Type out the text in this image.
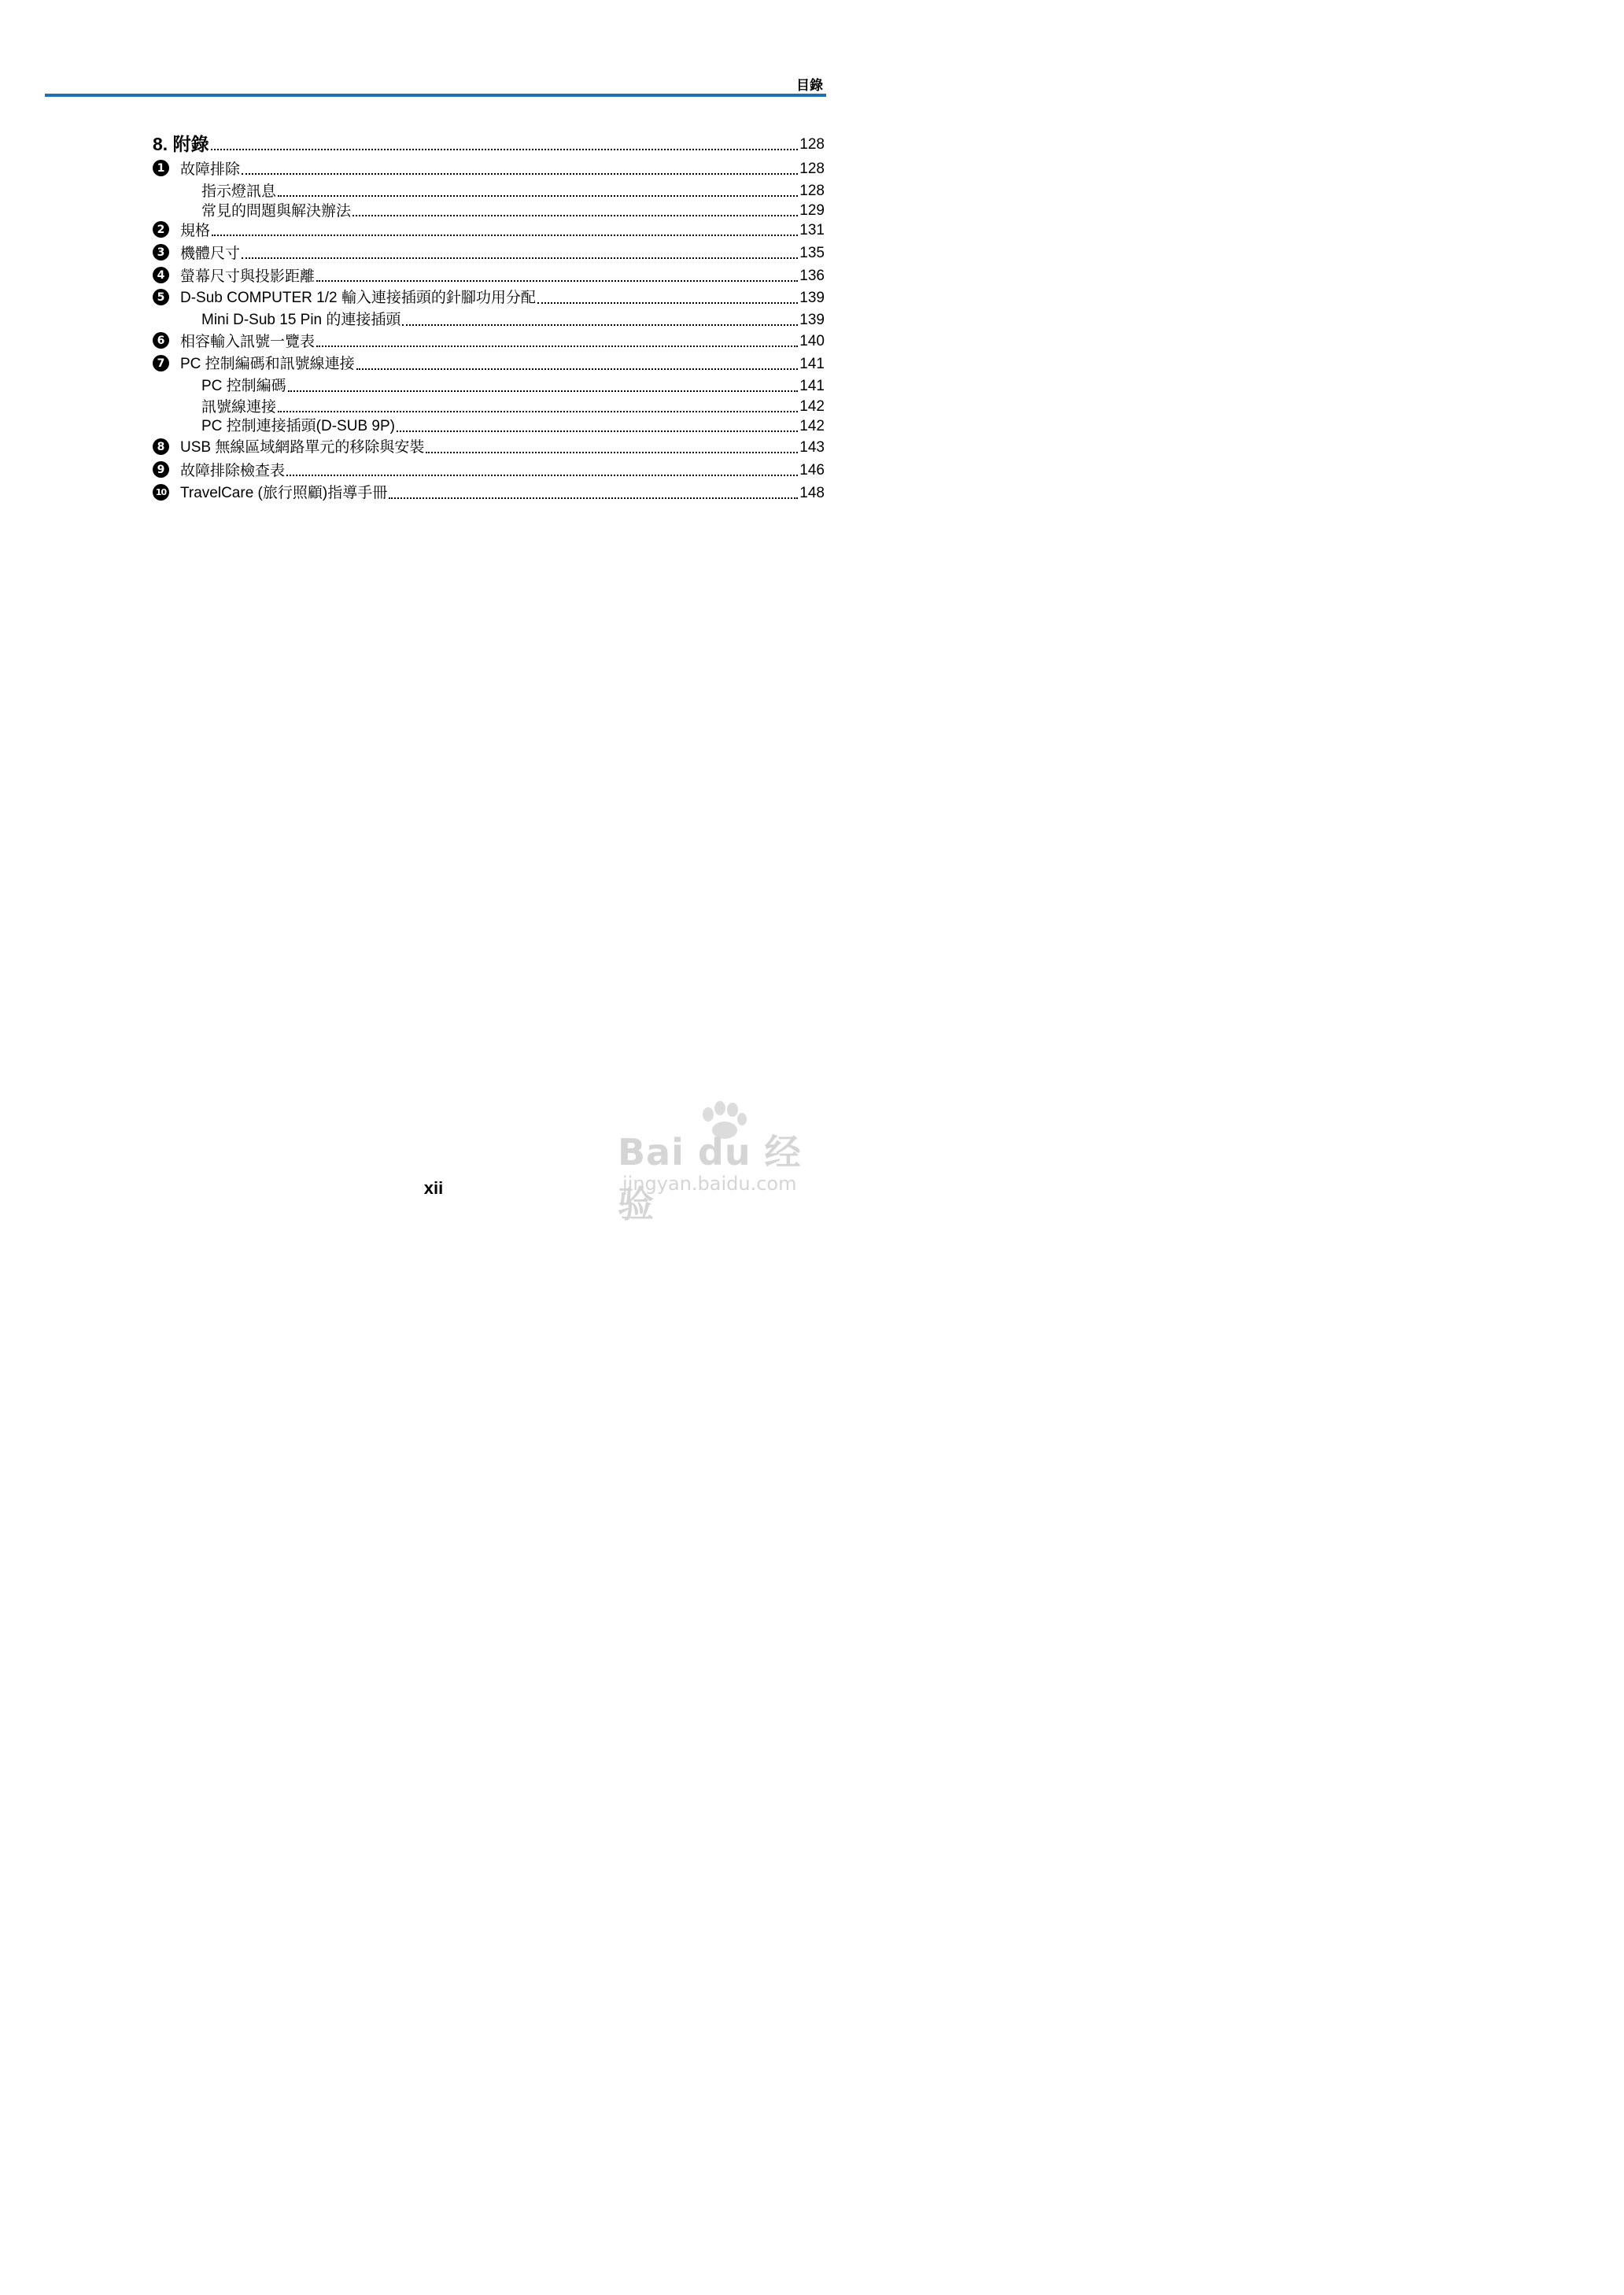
目錄
8. 附錄	128
1	故障排除	128
指示燈訊息	128
常見的問題與解決辦法	129
2	規格	131
3	機體尺寸	135
4	螢幕尺寸與投影距離	136
5	D-Sub COMPUTER 1/2 輸入連接插頭的針腳功用分配	139
Mini D-Sub 15 Pin 的連接插頭	139
6	相容輸入訊號一覽表	140
7	PC 控制編碼和訊號線連接	141
PC 控制編碼	141
訊號線連接	142
PC 控制連接插頭(D-SUB 9P)	142
8	USB 無線區域網路單元的移除與安裝	143
9	故障排除檢查表	146
10 TravelCare (旅行照顧)指導手冊	148
xii
Bai du 经验
jingyan.baidu.com
